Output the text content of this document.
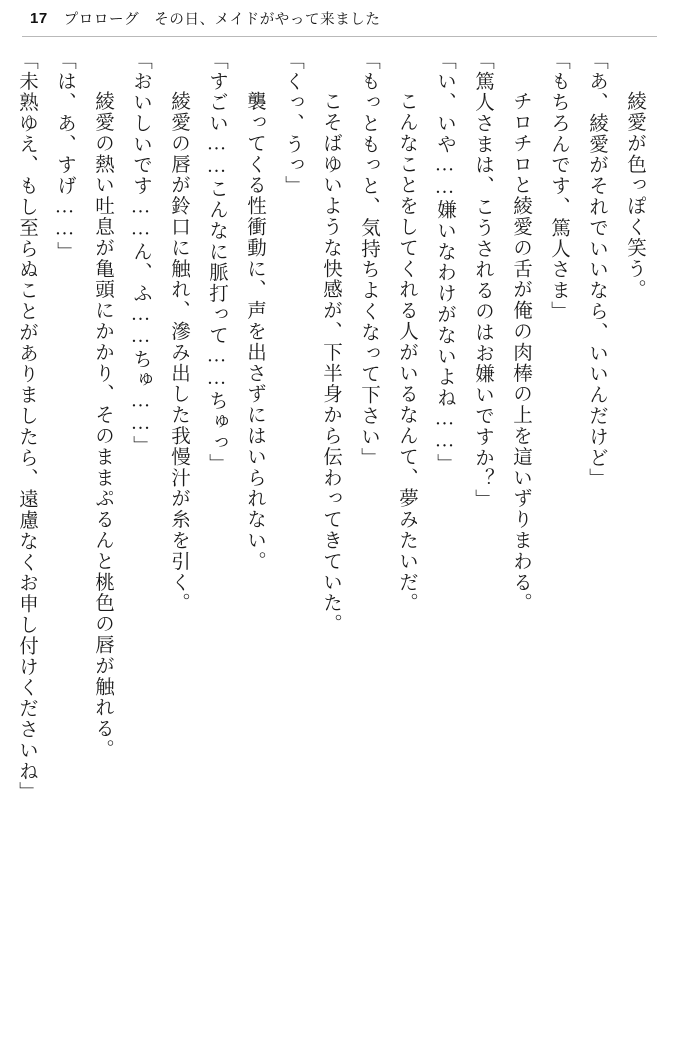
17 プロローグ　その日、メイドがやって来ました
　綾愛が色っぽく笑う。
「あ、綾愛がそれでいいなら、いいんだけど」
「もちろんです、篤人さま」
　チロチロと綾愛の舌が俺の肉棒の上を這いずりまわる。
「篤人さまは、こうされるのはお嫌いですか？」
「い、いや……嫌いなわけがないよね……」
　こんなことをしてくれる人がいるなんて、夢みたいだ。
「もっともっと、気持ちよくなって下さい」
　こそばゆいような快感が、下半身から伝わってきていた。
「くっ、うっ」
　襲ってくる性衝動に、声を出さずにはいられない。
「すごい……こんなに脈打って……ちゅっ」
　綾愛の唇が鈴口に触れ、滲み出した我慢汁が糸を引く。
「おいしいです……ん、ふ……ちゅ……」
　綾愛の熱い吐息が亀頭にかかり、そのままぷるんと桃色の唇が触れる。
「は、あ、すげ……」
「未熟ゆえ、もし至らぬことがありましたら、遠慮なくお申し付けくださいね」
